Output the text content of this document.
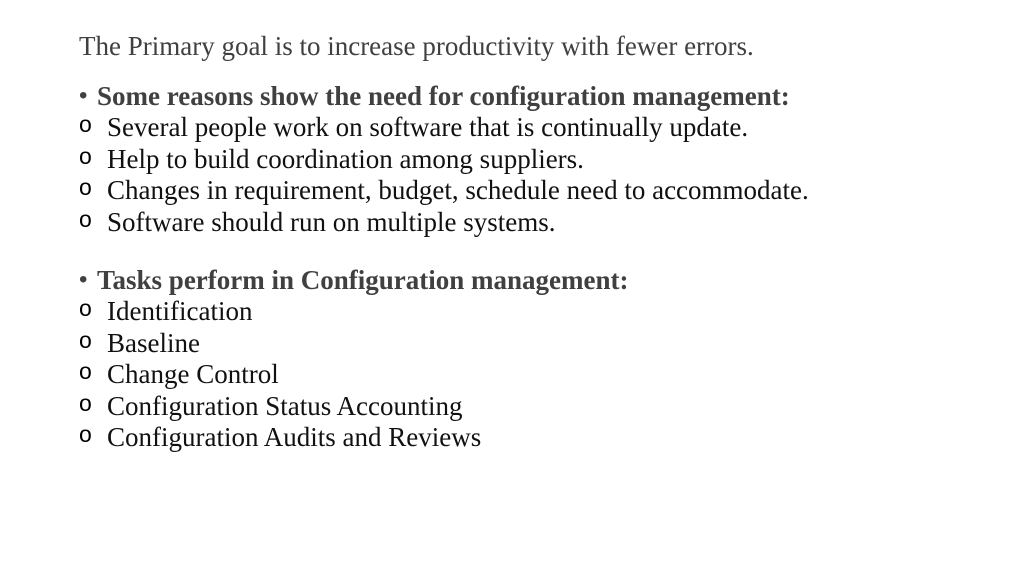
The Primary goal is to increase productivity with fewer errors.
• Some reasons show the need for configuration management:
o Several people work on software that is continually update.
o Help to build coordination among suppliers.
o Changes in requirement, budget, schedule need to accommodate.
o Software should run on multiple systems.
• Tasks perform in Configuration management:
o Identification
o Baseline
o Change Control
o Configuration Status Accounting
o Configuration Audits and Reviews
